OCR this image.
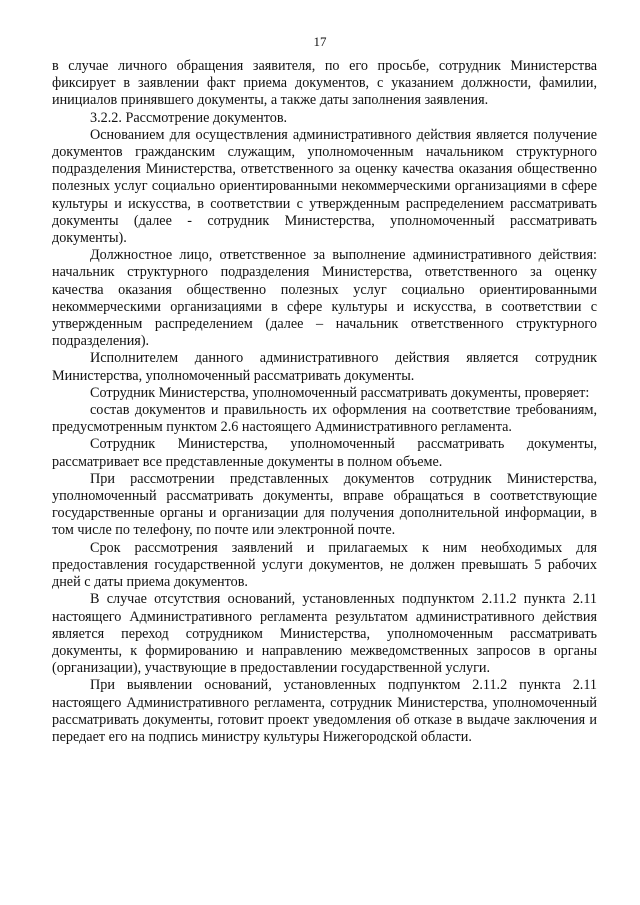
17

в случае личного обращения заявителя, по его просьбе, сотрудник Министерства фиксирует в заявлении факт приема документов, с указанием должности, фамилии, инициалов принявшего документы, а также даты заполнения заявления.

3.2.2. Рассмотрение документов.

Основанием для осуществления административного действия является получение документов гражданским служащим, уполномоченным начальником структурного подразделения Министерства, ответственного за оценку качества оказания общественно полезных услуг социально ориентированными некоммерческими организациями в сфере культуры и искусства, в соответствии с утвержденным распределением рассматривать документы (далее - сотрудник Министерства, уполномоченный рассматривать документы).

Должностное лицо, ответственное за выполнение административного действия: начальник структурного подразделения Министерства, ответственного за оценку качества оказания общественно полезных услуг социально ориентированными некоммерческими организациями в сфере культуры и искусства, в соответствии с утвержденным распределением (далее – начальник ответственного структурного подразделения).

Исполнителем данного административного действия является сотрудник Министерства, уполномоченный рассматривать документы.

Сотрудник Министерства, уполномоченный рассматривать документы, проверяет:

состав документов и правильность их оформления на соответствие требованиям, предусмотренным пунктом 2.6 настоящего Административного регламента.

Сотрудник Министерства, уполномоченный рассматривать документы, рассматривает все представленные документы в полном объеме.

При рассмотрении представленных документов сотрудник Министерства, уполномоченный рассматривать документы, вправе обращаться в соответствующие государственные органы и организации для получения дополнительной информации, в том числе по телефону, по почте или электронной почте.

Срок рассмотрения заявлений и прилагаемых к ним необходимых для предоставления государственной услуги документов, не должен превышать 5 рабочих дней с даты приема документов.

В случае отсутствия оснований, установленных подпунктом 2.11.2 пункта 2.11 настоящего Административного регламента результатом административного действия является переход сотрудником Министерства, уполномоченным рассматривать документы, к формированию и направлению межведомственных запросов в органы (организации), участвующие в предоставлении государственной услуги.

При выявлении оснований, установленных подпунктом 2.11.2 пункта 2.11 настоящего Административного регламента, сотрудник Министерства, уполномоченный рассматривать документы, готовит проект уведомления об отказе в выдаче заключения и передает его на подпись министру культуры Нижегородской области.
